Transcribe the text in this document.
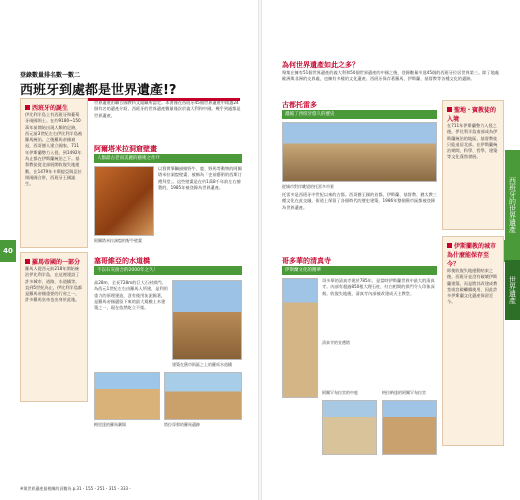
40
登錄數量排名數一數二
西班牙到處都是世界遺產!?
西班牙的誕生
伊比利半島上有西班牙和葡萄牙兩國領土。在約9180~150萬年前開始出現人類的足跡，西元前3世紀左右伊比利半島被羅馬統治。之後羅馬帝國衰退，西哥德人建立國家。711年伊斯蘭勢力入侵，到1492年為止都在伊斯蘭統治之下。基督教徒從北部展開收復失地運動，在1479年卡斯提亞與亞拉岡兩國合併，西班牙王國誕生。
羅馬帝國的一部分
羅馬人從西元前218年開始統治伊比利半島，在這裡建設了許多城市、道路、水道橋等。直到5世紀為止，伊比利半島都是羅馬帝國重要的行省之一，許多羅馬皇帝也出身於此地。
世界遺產由聯合國教科文組織所認定。本書僅在西班牙45個世界遺產中精選24個有名的遺產介紹，西班牙的世界遺產數量僅次於義大利和中國，幾乎到處都是世界遺產。
阿爾塔米拉洞窟壁畫
人類最古老而美麗的藝術之作!?
阿爾塔米拉洞窟的野牛壁畫
以寫實筆觸描繪野牛、鹿、野馬等動物的阿爾塔米拉洞窟壁畫，被稱為「史前藝術的西斯汀禮拜堂」。這些壁畫是在約1萬8千年前左右繪製的，1985年被登錄為世界遺產。
塞哥維亞的水道橋
不以石灰接合的2000年之久！
高28m、全長728m的巨大石材拱門。為西元1世紀左右由羅馬人所建，是利用重力的原理建造，沒有使用灰泥黏著，是羅馬帝國遺留下來的最大規模土木建築之一，現在依然屹立不搖。
建築在舊市街區之上的羅馬水道橋
梅里達的羅馬劇場	塔拉哥那的羅馬遺跡
※與世界遺產最相關的頁數為 p.31・155・251・315・333・
為何世界遺產如此之多？
聚集在擁有51個世界遺產的義大利和50個世界遺產的中國之後，登錄數量多達45個的西班牙位居世界第三。除了地處歐洲與非洲的交界處，也擁有多樣的文化遺產。西班牙保存著羅馬、伊斯蘭、基督教等各種文化的遺跡。
古都托雷多
濃縮了西班牙悠久的歷史
從城市對岸眺望的托雷多市景
托雷多是西班牙中世紀以來的古都。西哥德王國的首都，伊斯蘭、基督教、猶太教三種文化在此交融，街道上保留了各個時代的歷史建築，1986年整個舊市區都被登錄為世界遺產。
哥多華的清真寺
伊斯蘭文化的精華
哥多華的清真寺建於785年，是當時伊斯蘭世界中最大的清真寺。內部有超過850根大理石柱，紅白相間的拱門令人印象深刻。收復失地後，清真寺內部被改建成天主教堂。
清真寺的宣禮塔
阿爾罕布拉宮的中庭	格拉納達的阿爾罕布拉宮
聖地・賓教徒的入境
在711年伊斯蘭勢力入侵之後，伊比利半島南部成為伊斯蘭統治的地區，基督教徒只能退居北部。在伊斯蘭統治期間，科學、哲學、建築等文化蓬勃發展。
伊斯蘭教的城市為什麼能保存至今？
即使收復失地運動結束之後，西班牙並沒有破壞伊斯蘭建築，而是將其改建成教堂或宮殿繼續使用，因此許多伊斯蘭文化遺產保留至今。
西班牙的世界遺產
世界遺產
